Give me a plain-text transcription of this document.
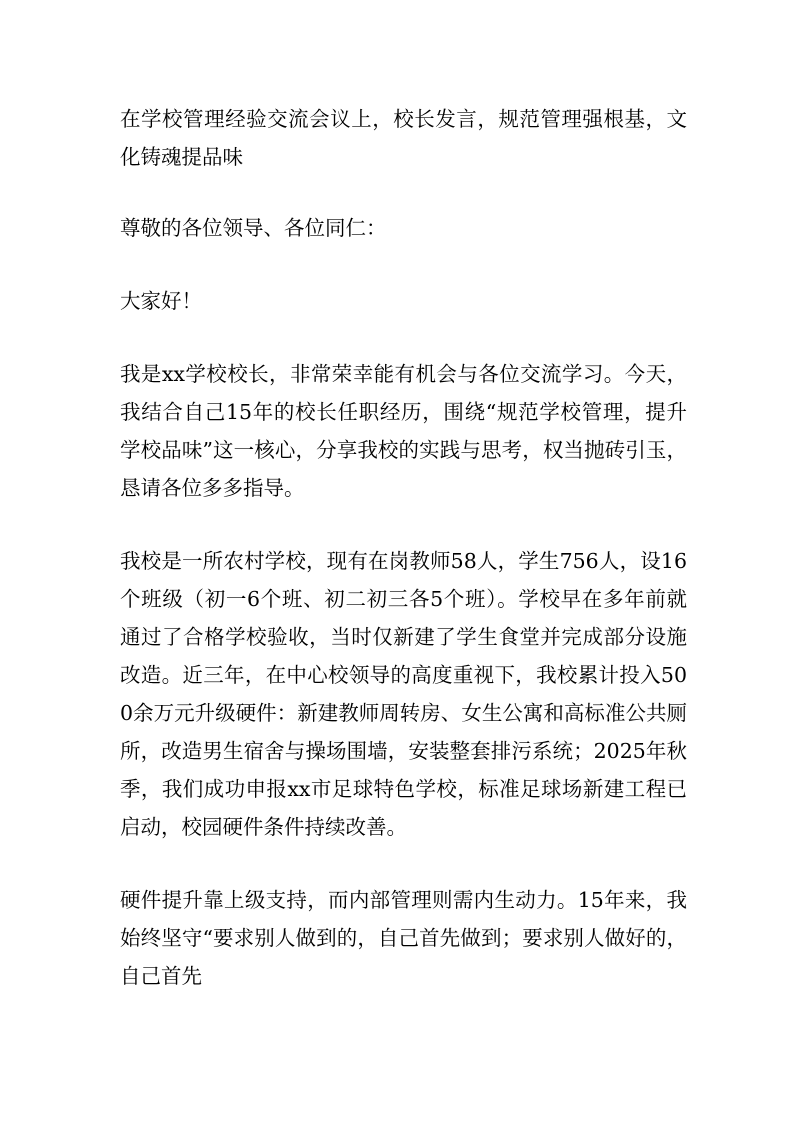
在学校管理经验交流会议上，校长发言，规范管理强根基，文化铸魂提品味

尊敬的各位领导、各位同仁：

大家好！

我是xx学校校长，非常荣幸能有机会与各位交流学习。今天，我结合自己15年的校长任职经历，围绕“规范学校管理，提升学校品味”这一核心，分享我校的实践与思考，权当抛砖引玉，恳请各位多多指导。

我校是一所农村学校，现有在岗教师58人，学生756人，设16个班级（初一6个班、初二初三各5个班）。学校早在多年前就通过了合格学校验收，当时仅新建了学生食堂并完成部分设施改造。近三年，在中心校领导的高度重视下，我校累计投入500余万元升级硬件：新建教师周转房、女生公寓和高标准公共厕所，改造男生宿舍与操场围墙，安装整套排污系统；2025年秋季，我们成功申报xx市足球特色学校，标准足球场新建工程已启动，校园硬件条件持续改善。

硬件提升靠上级支持，而内部管理则需内生动力。15年来，我始终坚守“要求别人做到的，自己首先做到；要求别人做好的，自己首先
